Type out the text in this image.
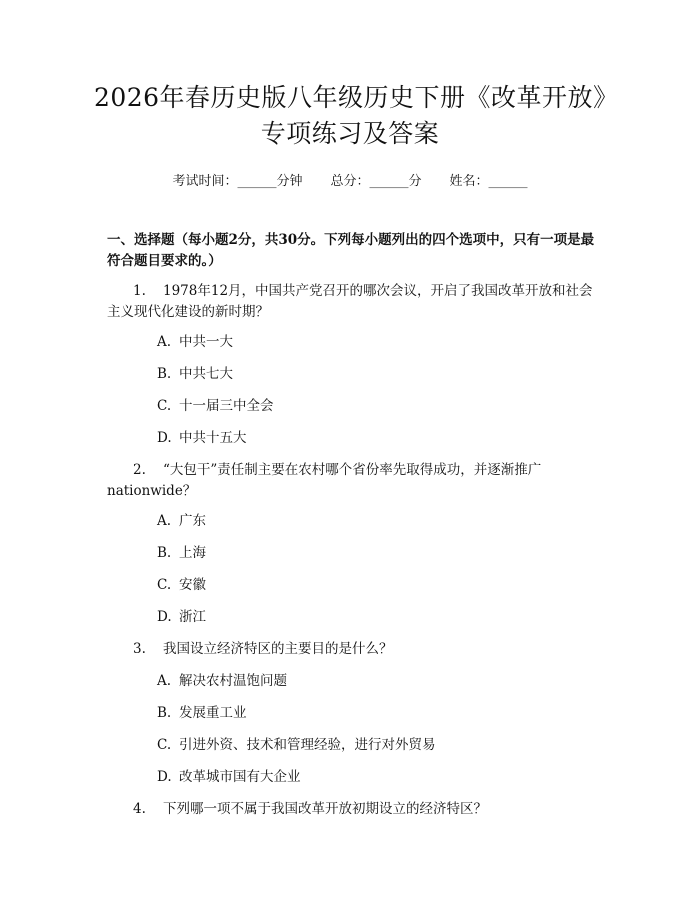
2026年春历史版八年级历史下册《改革开放》专项练习及答案
考试时间：______分钟 总分：______分 姓名：______
一、选择题（每小题2分，共30分。下列每小题列出的四个选项中，只有一项是最符合题目要求的。）
1. 1978年12月，中国共产党召开的哪次会议，开启了我国改革开放和社会主义现代化建设的新时期？
A. 中共一大
B. 中共七大
C. 十一届三中全会
D. 中共十五大
2. “大包干”责任制主要在农村哪个省份率先取得成功，并逐渐推广nationwide？
A. 广东
B. 上海
C. 安徽
D. 浙江
3. 我国设立经济特区的主要目的是什么？
A. 解决农村温饱问题
B. 发展重工业
C. 引进外资、技术和管理经验，进行对外贸易
D. 改革城市国有大企业
4. 下列哪一项不属于我国改革开放初期设立的经济特区？
